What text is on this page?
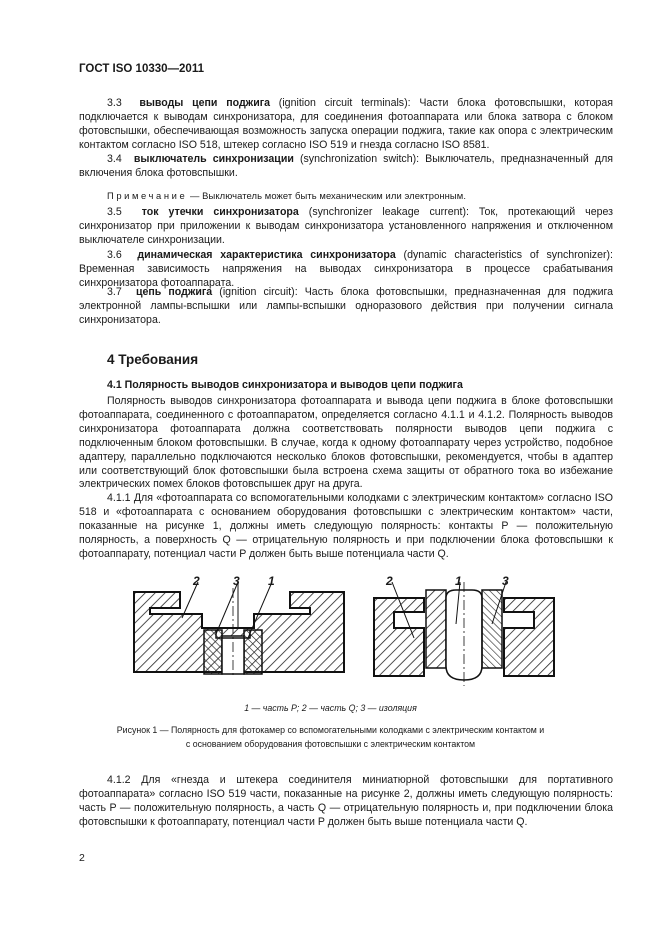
ГОСТ ISO 10330—2011
3.3 выводы цепи поджига (ignition circuit terminals): Части блока фотовспышки, которая подключается к выводам синхронизатора, для соединения фотоаппарата или блока затвора с блоком фотовспышки, обеспечивающая возможность запуска операции поджига, такие как опора с электрическим контактом согласно ISO 518, штекер согласно ISO 519 и гнезда согласно ISO 8581.
3.4 выключатель синхронизации (synchronization switch): Выключатель, предназначенный для включения блока фотовспышки.
Примечание — Выключатель может быть механическим или электронным.
3.5 ток утечки синхронизатора (synchronizer leakage current): Ток, протекающий через синхронизатор при приложении к выводам синхронизатора установленного напряжения и отключенном выключателе синхронизации.
3.6 динамическая характеристика синхронизатора (dynamic characteristics of synchronizer): Временная зависимость напряжения на выводах синхронизатора в процессе срабатывания синхронизатора фотоаппарата.
3.7 цепь поджига (ignition circuit): Часть блока фотовспышки, предназначенная для поджига электронной лампы-вспышки или лампы-вспышки одноразового действия при получении сигнала синхронизатора.
4 Требования
4.1 Полярность выводов синхронизатора и выводов цепи поджига
Полярность выводов синхронизатора фотоаппарата и вывода цепи поджига в блоке фотовспышки фотоаппарата, соединенного с фотоаппаратом, определяется согласно 4.1.1 и 4.1.2. Полярность выводов синхронизатора фотоаппарата должна соответствовать полярности выводов цепи поджига с подключенным блоком фотовспышки. В случае, когда к одному фотоаппарату через устройство, подобное адаптеру, параллельно подключаются несколько блоков фотовспышки, рекомендуется, чтобы в адаптер или соответствующий блок фотовспышки была встроена схема защиты от обратного тока во избежание электрических помех блоков фотовспышек друг на друга.
4.1.1 Для «фотоаппарата со вспомогательными колодками с электрическим контактом» согласно ISO 518 и «фотоаппарата с основанием оборудования фотовспышки с электрическим контактом» части, показанные на рисунке 1, должны иметь следующую полярность: контакты P — положительную полярность, а поверхность Q — отрицательную полярность и при подключении блока фотовспышки к фотоаппарату, потенциал части P должен быть выше потенциала части Q.
2	3 1	2	1	3
1 — часть P; 2 — часть Q; 3 — изоляция
Рисунок 1 — Полярность для фотокамер со вспомогательными колодками с электрическим контактом и
с основанием оборудования фотовспышки с электрическим контактом
4.1.2 Для «гнезда и штекера соединителя миниатюрной фотовспышки для портативного фотоаппарата» согласно ISO 519 части, показанные на рисунке 2, должны иметь следующую полярность: часть P — положительную полярность, а часть Q — отрицательную полярность и, при подключении блока фотовспышки к фотоаппарату, потенциал части P должен быть выше потенциала части Q.
2
